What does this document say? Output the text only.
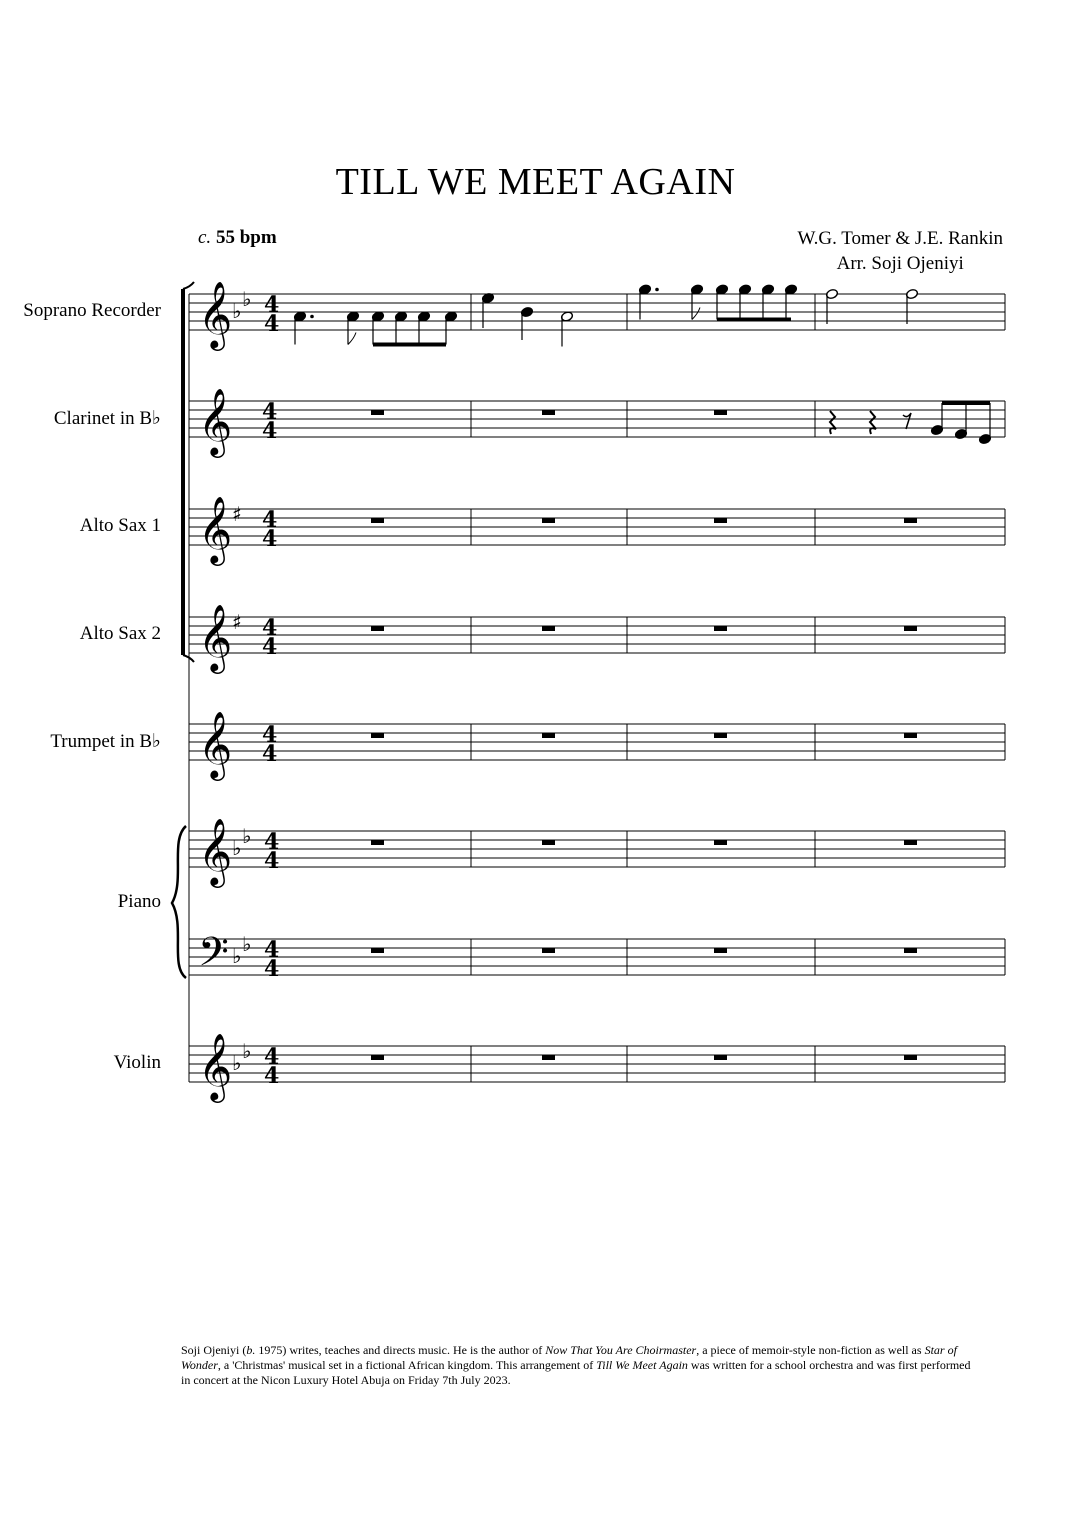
TILL WE MEET AGAIN
c. 55 bpm	W.G. Tomer & J.E. Rankin
Arr. Soji Ojeniyi
Soprano Recorder
Clarinet in B♭
Alto Sax 1
Alto Sax 2
Trumpet in B♭
Piano
Violin
𝄞 ♭ ♭ 4
4
𝄞 4
4
𝄞 ♯ 4
4
𝄞 ♯ 4
4
𝄞 4
4
𝄞 ♭ ♭ 4
4
𝄢 ♭ ♭ 4
4
𝄞 ♭ ♭ 4
4
Soji Ojeniyi (b. 1975) writes, teaches and directs music. He is the author of Now That You Are Choirmaster, a piece of memoir-style non-fiction as well as Star of Wonder, a 'Christmas' musical set in a fictional African kingdom. This arrangement of Till We Meet Again was written for a school orchestra and was first performed in concert at the Nicon Luxury Hotel Abuja on Friday 7th July 2023.
